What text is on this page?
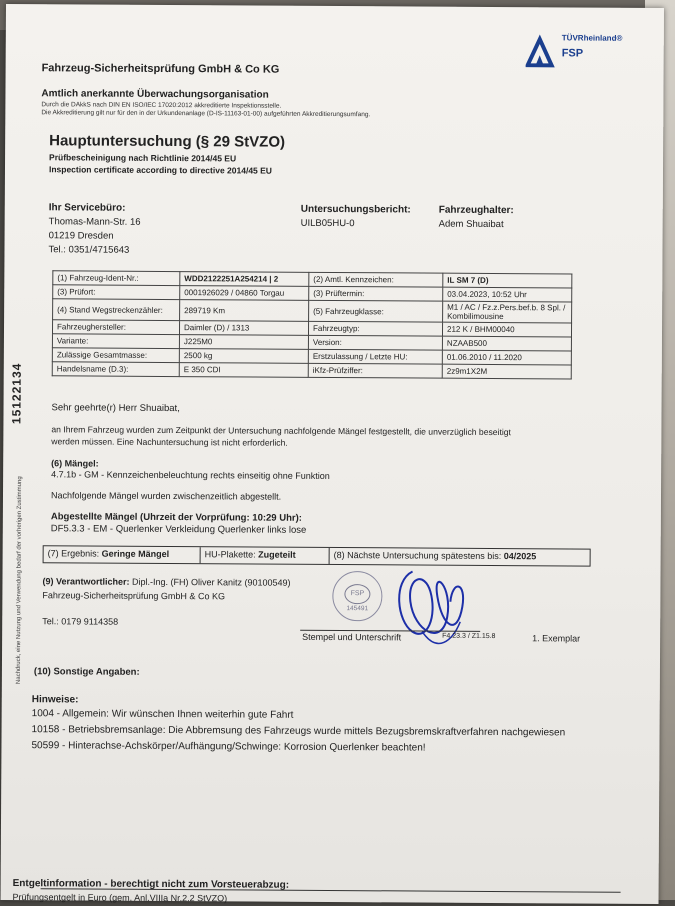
TÜVRheinland®
FSP
Fahrzeug-Sicherheitsprüfung GmbH & Co KG
Amtlich anerkannte Überwachungsorganisation
Durch die DAkkS nach DIN EN ISO/IEC 17020:2012 akkreditierte Inspektionsstelle.
Die Akkreditierung gilt nur für den in der Urkundenanlage (D-IS-11163-01-00) aufgeführten Akkreditierungsumfang.
Hauptuntersuchung (§ 29 StVZO)
Prüfbescheinigung nach Richtlinie 2014/45 EU
Inspection certificate according to directive 2014/45 EU
Ihr Servicebüro:
Thomas-Mann-Str. 16
01219 Dresden
Tel.: 0351/4715643
Untersuchungsbericht:
UILB05HU-0
Fahrzeughalter:
Adem Shuaibat
(1) Fahrzeug-Ident-Nr.:	WDD2122251A254214 | 2	(2) Amtl. Kennzeichen:	IL SM 7 (D)
(3) Prüfort:	0001926029 / 04860 Torgau	(3) Prüftermin:	03.04.2023, 10:52 Uhr
(4) Stand Wegstreckenzähler:	289719 Km	(5) Fahrzeugklasse:	M1 / AC / Fz.z.Pers.bef.b. 8 Spl. / Kombilimousine
Fahrzeughersteller:	Daimler (D) / 1313	Fahrzeugtyp:	212 K / BHM00040
Variante:	J225M0	Version:	NZAAB500
Zulässige Gesamtmasse:	2500 kg	Erstzulassung / Letzte HU:	01.06.2010 / 11.2020
Handelsname (D.3):	E 350 CDI	iKfz-Prüfziffer:	2z9m1X2M
15122134
Nachdruck, eine Nutzung und Verwendung bedarf der vorherigen Zustimmung
Sehr geehrte(r) Herr Shuaibat,
an Ihrem Fahrzeug wurden zum Zeitpunkt der Untersuchung nachfolgende Mängel festgestellt, die unverzüglich beseitigt
werden müssen. Eine Nachuntersuchung ist nicht erforderlich.
(6) Mängel:
4.7.1b - GM - Kennzeichenbeleuchtung rechts einseitig ohne Funktion
Nachfolgende Mängel wurden zwischenzeitlich abgestellt.
Abgestellte Mängel (Uhrzeit der Vorprüfung: 10:29 Uhr):
DF5.3.3 - EM - Querlenker Verkleidung Querlenker links lose
(7) Ergebnis: Geringe Mängel	HU-Plakette: Zugeteilt	(8) Nächste Untersuchung spätestens bis: 04/2025
(9) Verantwortlicher: Dipl.-Ing. (FH) Oliver Kanitz (90100549)
Fahrzeug-Sicherheitsprüfung GmbH & Co KG
Tel.: 0179 9114358
FSP
145491
Stempel und Unterschrift	F4.23.3 / Z1.15.8	1. Exemplar
(10) Sonstige Angaben:
Hinweise:
1004 - Allgemein: Wir wünschen Ihnen weiterhin gute Fahrt
10158 - Betriebsbremsanlage: Die Abbremsung des Fahrzeugs wurde mittels Bezugsbremskraftverfahren nachgewiesen
50599 - Hinterachse-Achskörper/Aufhängung/Schwinge: Korrosion Querlenker beachten!
Entgeltinformation - berechtigt nicht zum Vorsteuerabzug:
Prüfungsentgelt in Euro (gem. Anl.VIIIa Nr.2.2 StVZO)
